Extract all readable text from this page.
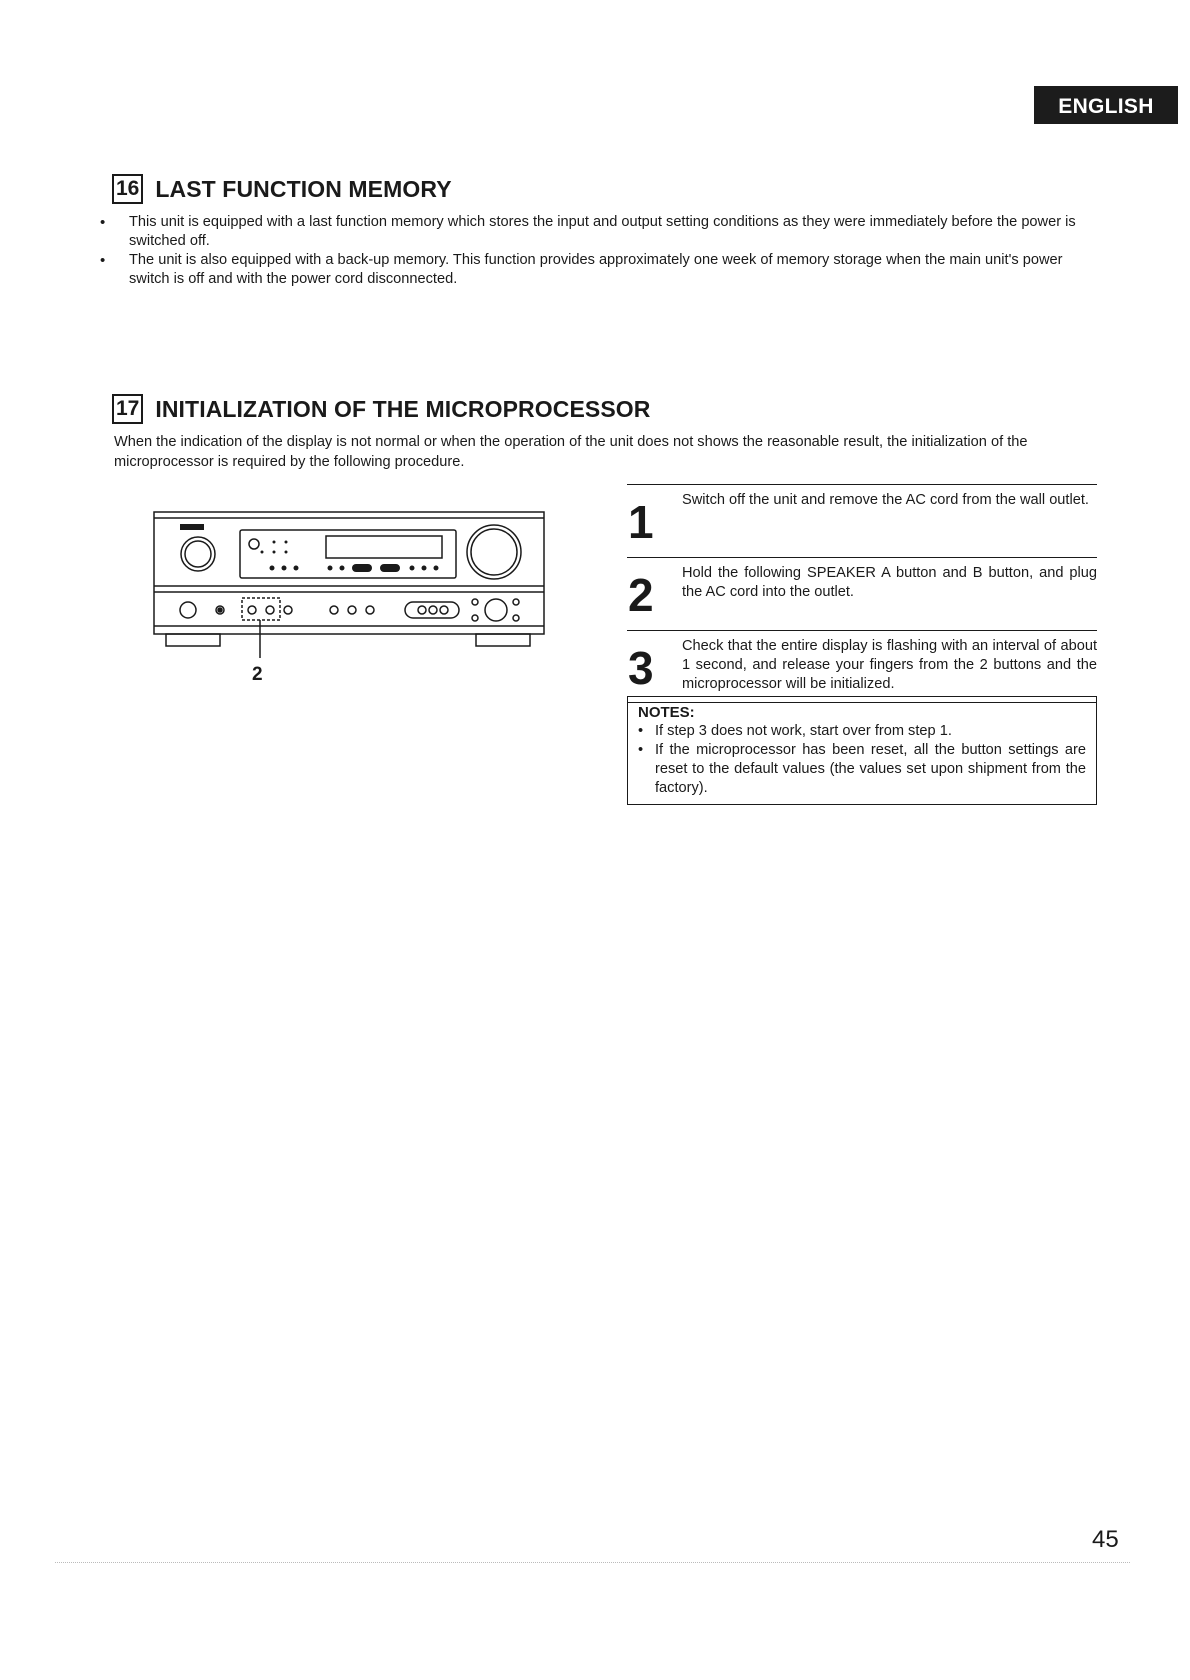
ENGLISH
16 LAST FUNCTION MEMORY
• This unit is equipped with a last function memory which stores the input and output setting conditions as they were immediately before the power is switched off.
• The unit is also equipped with a back-up memory. This function provides approximately one week of memory storage when the main unit's power switch is off and with the power cord disconnected.
17 INITIALIZATION OF THE MICROPROCESSOR

When the indication of the display is not normal or when the operation of the unit does not shows the reasonable result, the initialization of the microprocessor is required by the following procedure.

2
1	Switch off the unit and remove the AC cord from the wall outlet.
2	Hold the following SPEAKER A button and B button, and plug the AC cord into the outlet.
3	Check that the entire display is flashing with an interval of about 1 second, and release your fingers from the 2 buttons and the microprocessor will be initialized.
NOTES:
• If step 3 does not work, start over from step 1.
• If the microprocessor has been reset, all the button settings are reset to the default values (the values set upon shipment from the factory).
45
